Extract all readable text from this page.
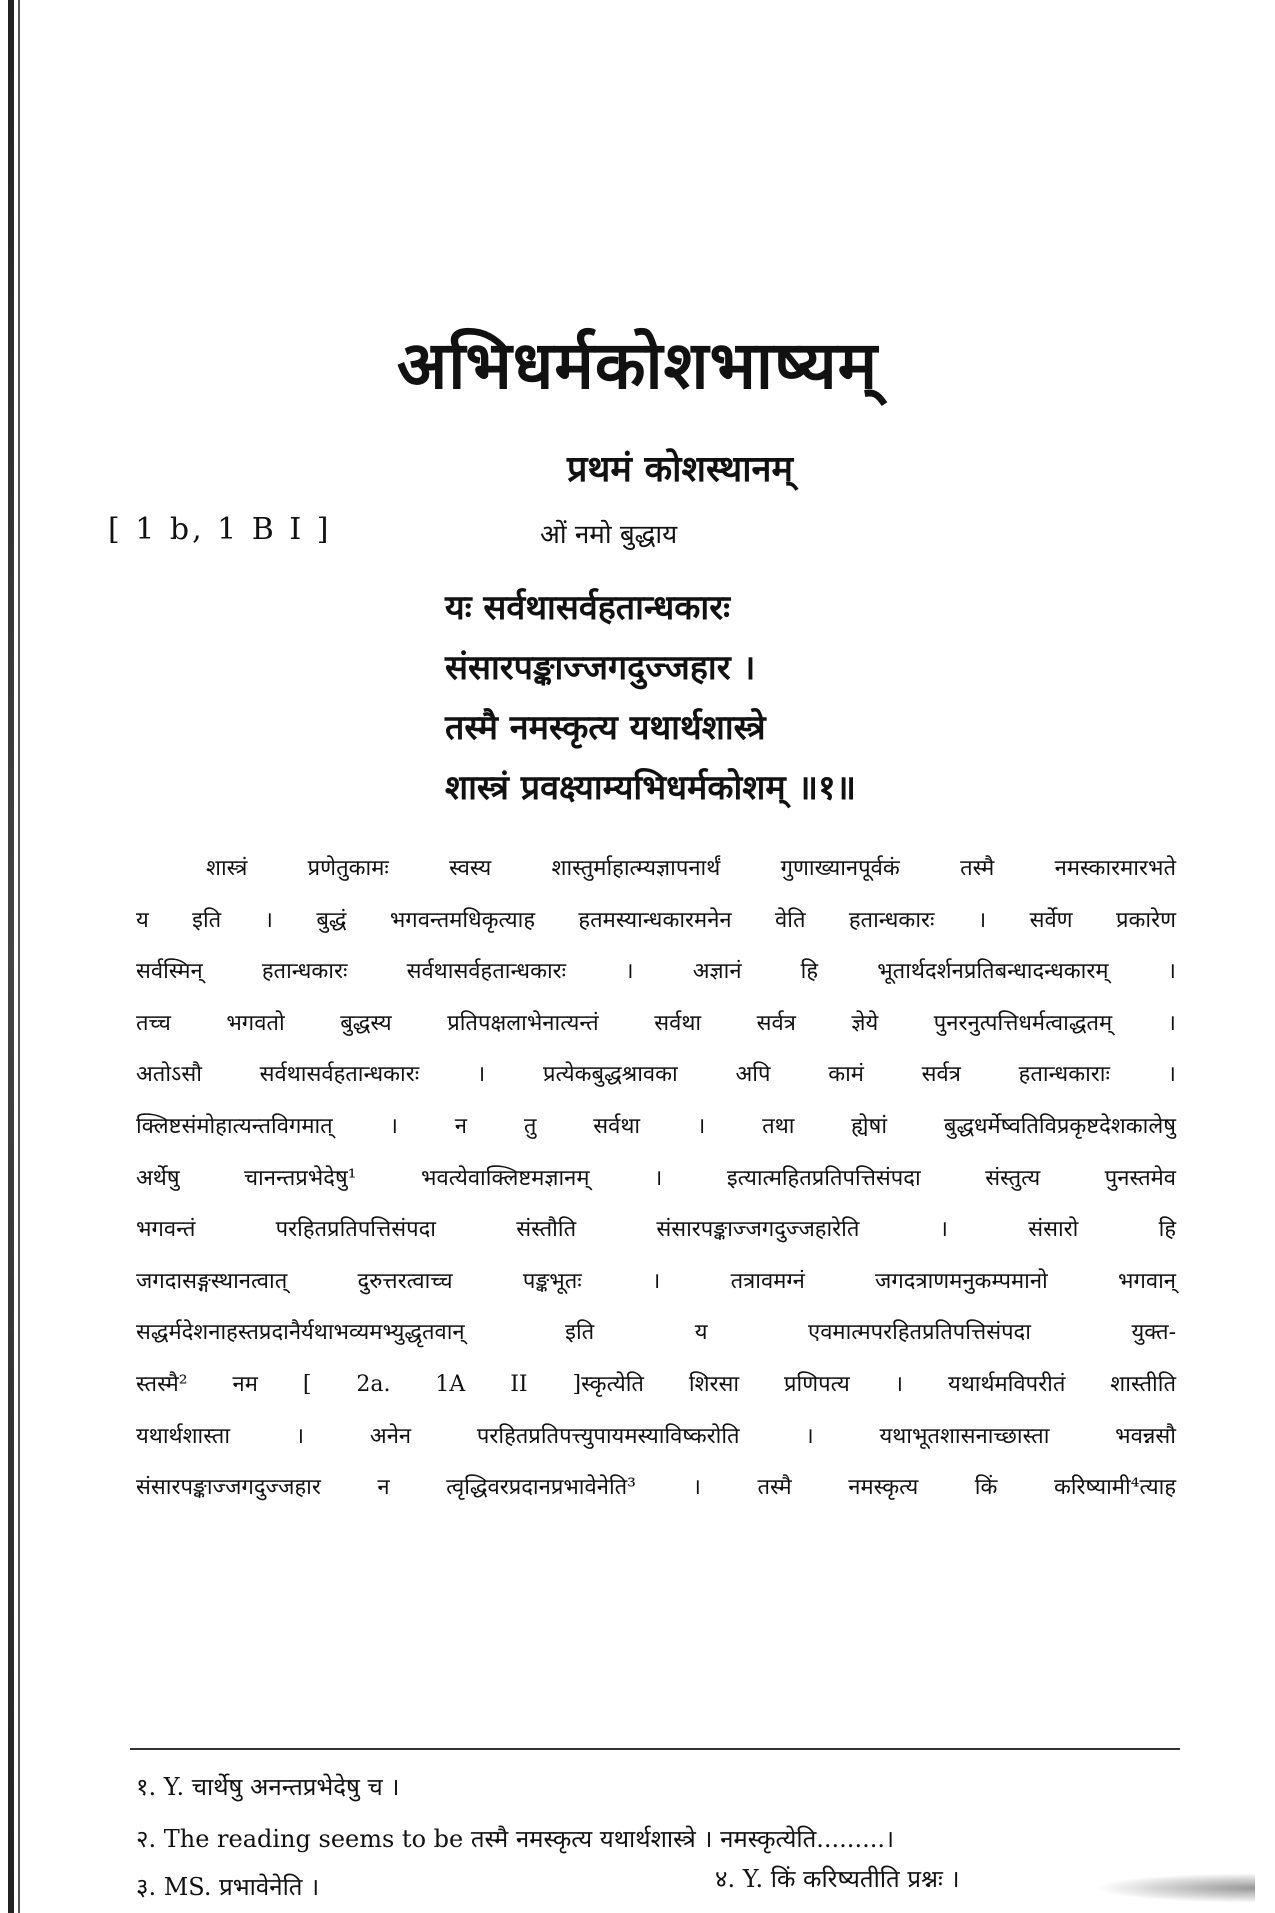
अभिधर्मकोशभाष्यम्
प्रथमं कोशस्थानम्
[ 1 b, 1 B I ]	ओं नमो बुद्धाय
यः सर्वथासर्वहतान्धकारः
संसारपङ्काज्जगदुज्जहार ।
तस्मै नमस्कृत्य यथार्थशास्त्रे
शास्त्रं प्रवक्ष्याम्यभिधर्मकोशम् ॥१॥
शास्त्रं प्रणेतुकामः स्वस्य शास्तुर्माहात्म्यज्ञापनार्थं गुणाख्यानपूर्वकं तस्मै नमस्कारमारभते
य इति । बुद्धं भगवन्तमधिकृत्याह हतमस्यान्धकारमनेन वेति हतान्धकारः । सर्वेण प्रकारेण
सर्वस्मिन् हतान्धकारः सर्वथासर्वहतान्धकारः । अज्ञानं हि भूतार्थदर्शनप्रतिबन्धादन्धकारम् ।
तच्च भगवतो बुद्धस्य प्रतिपक्षलाभेनात्यन्तं सर्वथा सर्वत्र ज्ञेये पुनरनुत्पत्तिधर्मत्वाद्धतम् ।
अतोऽसौ सर्वथासर्वहतान्धकारः । प्रत्येकबुद्धश्रावका अपि कामं सर्वत्र हतान्धकाराः ।
क्लिष्टसंमोहात्यन्तविगमात् । न तु सर्वथा । तथा ह्येषां बुद्धधर्मेष्वतिविप्रकृष्टदेशकालेषु
अर्थेषु चानन्तप्रभेदेषु¹ भवत्येवाक्लिष्टमज्ञानम् । इत्यात्महितप्रतिपत्तिसंपदा संस्तुत्य पुनस्तमेव
भगवन्तं परहितप्रतिपत्तिसंपदा संस्तौति संसारपङ्काज्जगदुज्जहारेति । संसारो हि
जगदासङ्गस्थानत्वात् दुरुत्तरत्वाच्च पङ्कभूतः । तत्रावमग्नं जगदत्राणमनुकम्पमानो भगवान्
सद्धर्मदेशनाहस्तप्रदानैर्यथाभव्यमभ्युद्धृतवान् इति य एवमात्मपरहितप्रतिपत्तिसंपदा युक्त-
स्तस्मै² नम [ 2a. 1A II ]स्कृत्येति शिरसा प्रणिपत्य । यथार्थमविपरीतं शास्तीति
यथार्थशास्ता । अनेन परहितप्रतिपत्त्युपायमस्याविष्करोति । यथाभूतशासनाच्छास्ता भवन्नसौ
संसारपङ्काज्जगदुज्जहार न त्वृद्धिवरप्रदानप्रभावेनेति³ । तस्मै नमस्कृत्य किं करिष्यामी⁴त्याह
१. Y. चार्थेषु अनन्तप्रभेदेषु च ।
२. The reading seems to be तस्मै नमस्कृत्य यथार्थशास्त्रे । नमस्कृत्येति.........।
३. MS. प्रभावेनेति ।	४. Y. किं करिष्यतीति प्रश्नः ।
